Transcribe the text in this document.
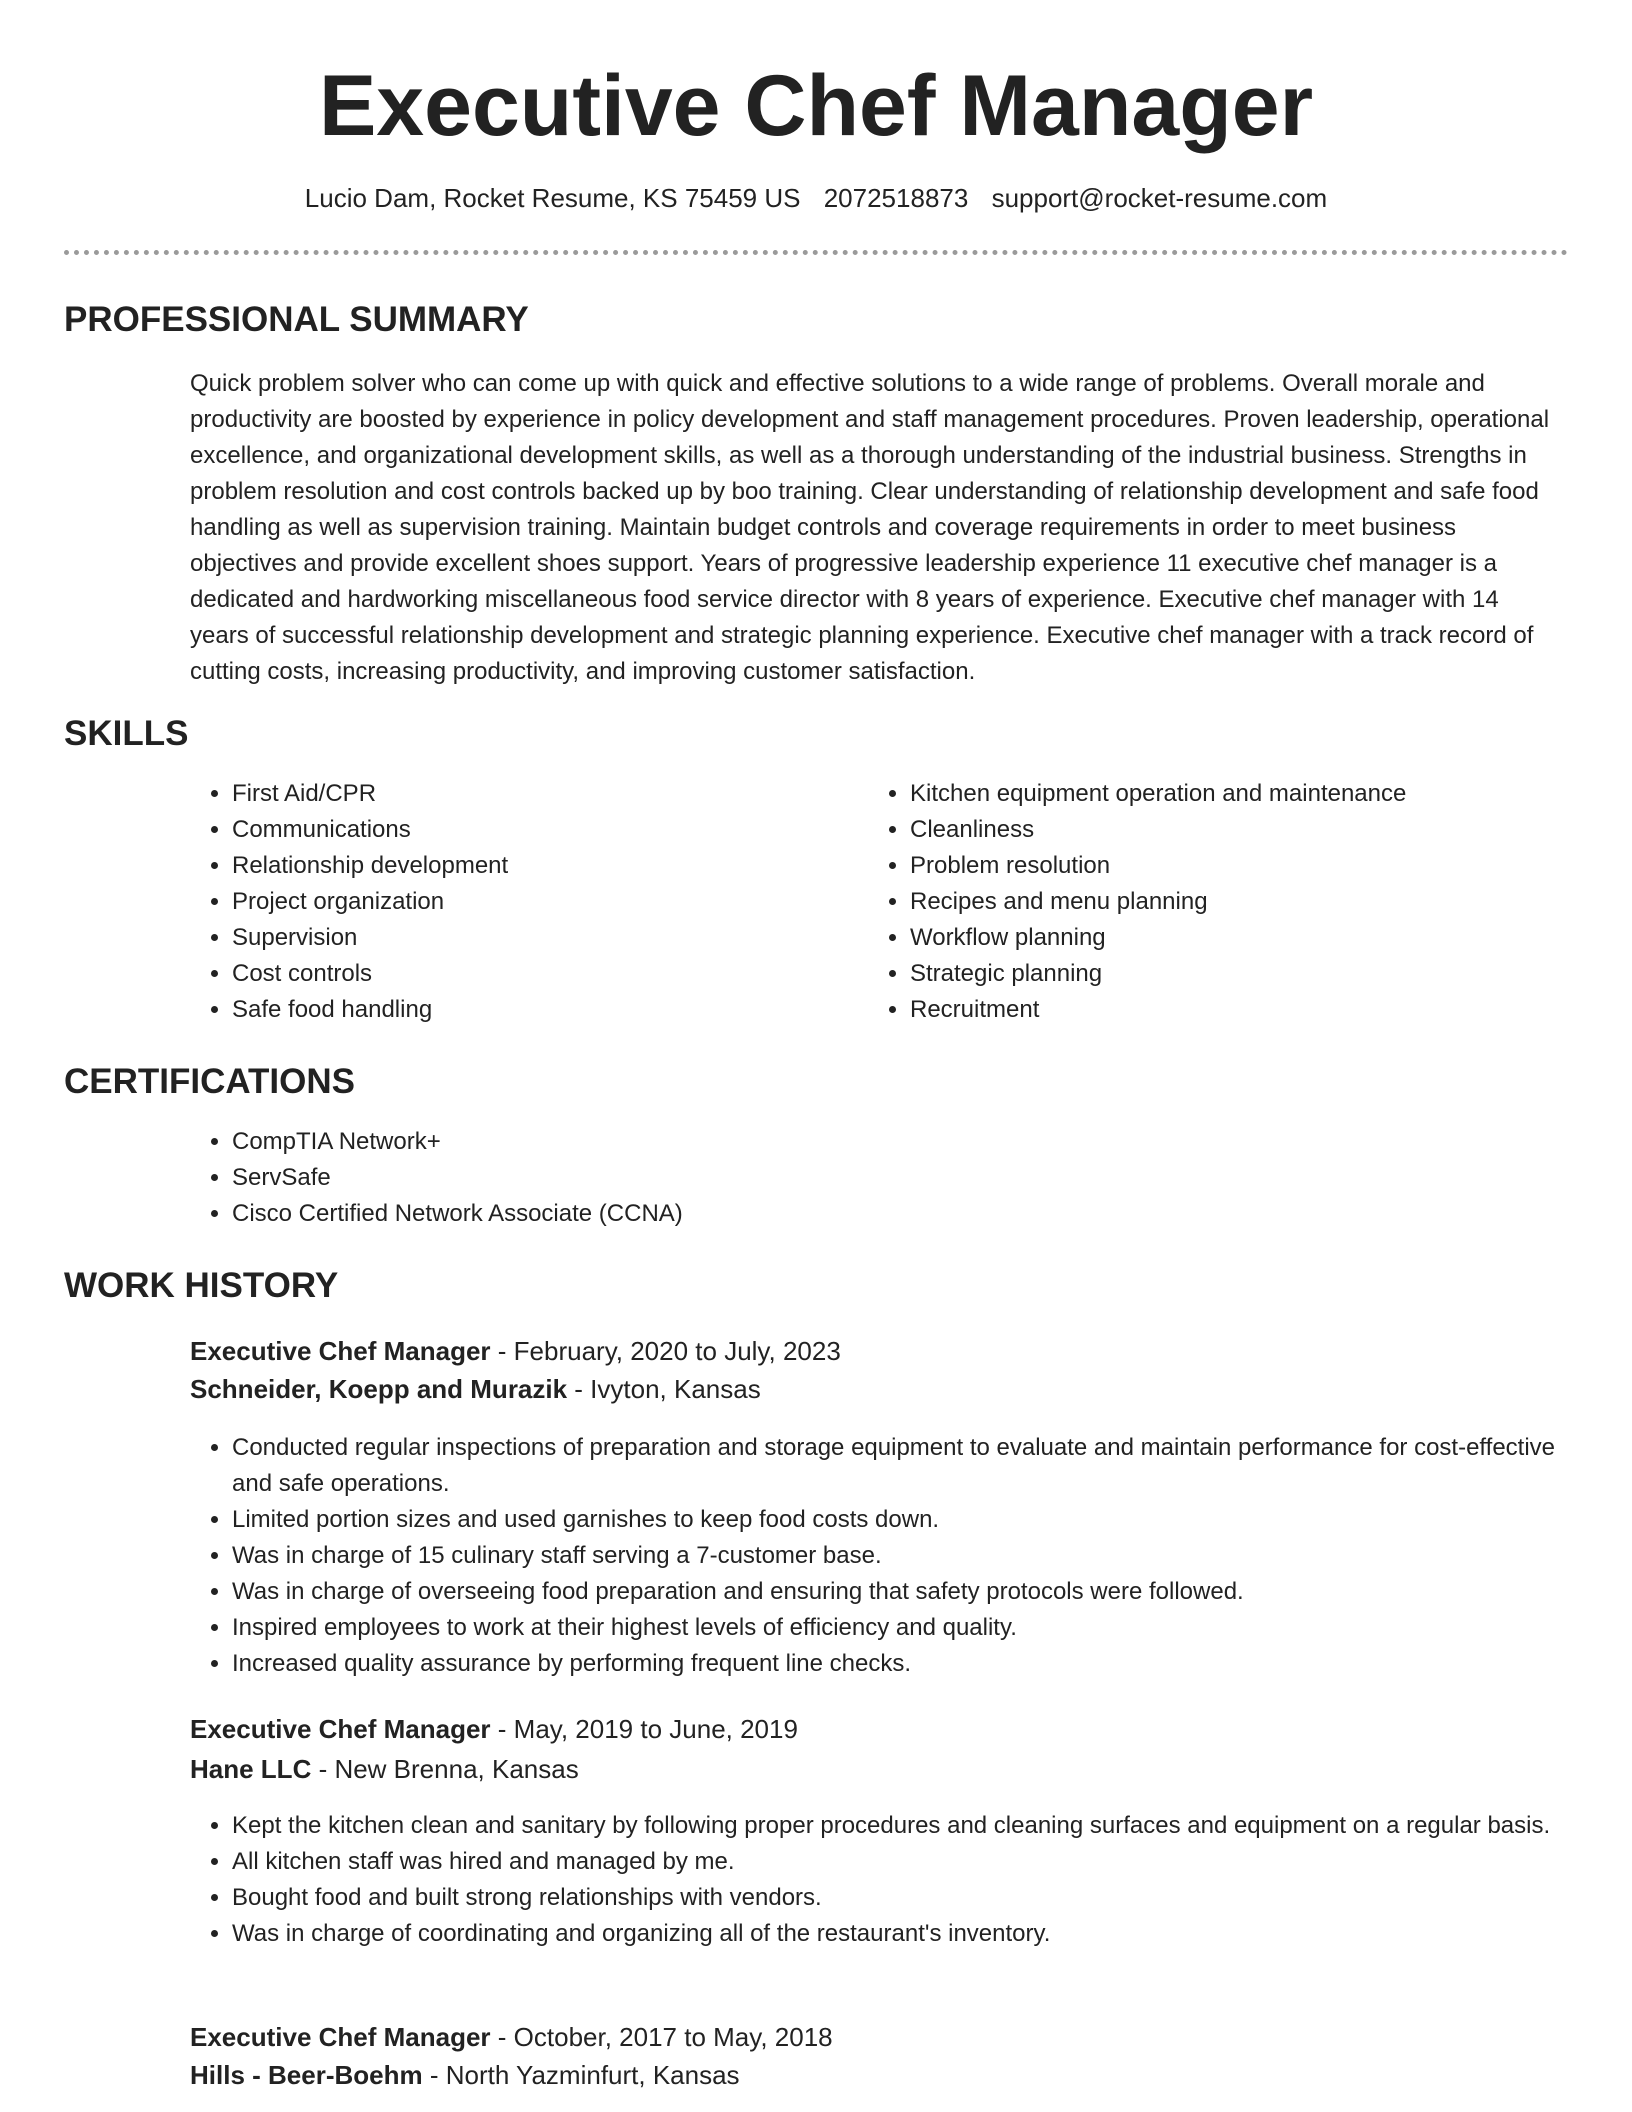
Executive Chef Manager
Lucio Dam, Rocket Resume, KS 75459 US 2072518873 support@rocket-resume.com
PROFESSIONAL SUMMARY

Quick problem solver who can come up with quick and effective solutions to a wide range of problems. Overall morale and productivity are boosted by experience in policy development and staff management procedures. Proven leadership, operational excellence, and organizational development skills, as well as a thorough understanding of the industrial business. Strengths in problem resolution and cost controls backed up by boo training. Clear understanding of relationship development and safe food handling as well as supervision training. Maintain budget controls and coverage requirements in order to meet business objectives and provide excellent shoes support. Years of progressive leadership experience 11 executive chef manager is a dedicated and hardworking miscellaneous food service director with 8 years of experience. Executive chef manager with 14 years of successful relationship development and strategic planning experience. Executive chef manager with a track record of cutting costs, increasing productivity, and improving customer satisfaction.

SKILLS
• First Aid/CPR
• Communications
• Relationship development
• Project organization
• Supervision
• Cost controls
• Safe food handling
• Kitchen equipment operation and maintenance
• Cleanliness
• Problem resolution
• Recipes and menu planning
• Workflow planning
• Strategic planning
• Recruitment
CERTIFICATIONS
• CompTIA Network+
• ServSafe
• Cisco Certified Network Associate (CCNA)
WORK HISTORY
Executive Chef Manager - February, 2020 to July, 2023
Schneider, Koepp and Murazik - Ivyton, Kansas
• Conducted regular inspections of preparation and storage equipment to evaluate and maintain performance for cost-effective and safe operations.
• Limited portion sizes and used garnishes to keep food costs down.
• Was in charge of 15 culinary staff serving a 7-customer base.
• Was in charge of overseeing food preparation and ensuring that safety protocols were followed.
• Inspired employees to work at their highest levels of efficiency and quality.
• Increased quality assurance by performing frequent line checks.
Executive Chef Manager - May, 2019 to June, 2019
Hane LLC - New Brenna, Kansas
• Kept the kitchen clean and sanitary by following proper procedures and cleaning surfaces and equipment on a regular basis.
• All kitchen staff was hired and managed by me.
• Bought food and built strong relationships with vendors.
• Was in charge of coordinating and organizing all of the restaurant's inventory.
Executive Chef Manager - October, 2017 to May, 2018
Hills - Beer-Boehm - North Yazminfurt, Kansas
